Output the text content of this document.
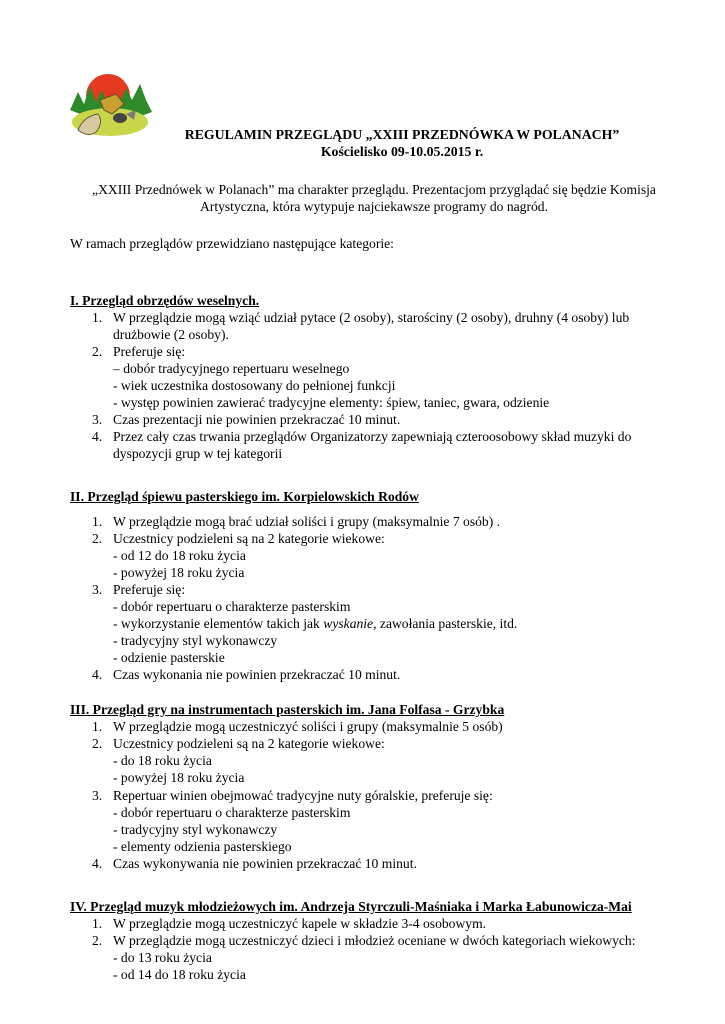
REGULAMIN PRZEGLĄDU „XXIII PRZEDNÓWKA W POLANACH”
Kościelisko 09-10.05.2015 r.
„XXIII Przednówek w Polanach” ma charakter przeglądu. Prezentacjom przyglądać się będzie Komisja Artystyczna, która wytypuje najciekawsze programy do nagród.
W ramach przeglądów przewidziano następujące kategorie:
I. Przegląd obrzędów weselnych.
1. W przeglądzie mogą wziąć udział pytace (2 osoby), starościny (2 osoby), druhny (4 osoby) lub
drużbowie (2 osoby).
2. Preferuje się:
– dobór tradycyjnego repertuaru weselnego
- wiek uczestnika dostosowany do pełnionej funkcji
- występ powinien zawierać tradycyjne elementy: śpiew, taniec, gwara, odzienie
3. Czas prezentacji nie powinien przekraczać 10 minut.
4. Przez cały czas trwania przeglądów Organizatorzy zapewniają czteroosobowy skład muzyki do
dyspozycji grup w tej kategorii
II. Przegląd śpiewu pasterskiego im. Korpielowskich Rodów
1. W przeglądzie mogą brać udział soliści i grupy (maksymalnie 7 osób) .
2. Uczestnicy podzieleni są na 2 kategorie wiekowe:
- od 12 do 18 roku życia
- powyżej 18 roku życia
3. Preferuje się:
- dobór repertuaru o charakterze pasterskim
- wykorzystanie elementów takich jak wyskanie, zawołania pasterskie, itd.
- tradycyjny styl wykonawczy
- odzienie pasterskie
4. Czas wykonania nie powinien przekraczać 10 minut.
III. Przegląd gry na instrumentach pasterskich im. Jana Folfasa - Grzybka
1. W przeglądzie mogą uczestniczyć soliści i grupy (maksymalnie 5 osób)
2. Uczestnicy podzieleni są na 2 kategorie wiekowe:
- do 18 roku życia
- powyżej 18 roku życia
3. Repertuar winien obejmować tradycyjne nuty góralskie, preferuje się:
- dobór repertuaru o charakterze pasterskim
- tradycyjny styl wykonawczy
- elementy odzienia pasterskiego
4. Czas wykonywania nie powinien przekraczać 10 minut.
IV. Przegląd muzyk młodzieżowych im. Andrzeja Styrczuli-Maśniaka i Marka Łabunowicza-Mai
1. W przeglądzie mogą uczestniczyć kapele w składzie 3-4 osobowym.
2. W przeglądzie mogą uczestniczyć dzieci i młodzież oceniane w dwóch kategoriach wiekowych:
- do 13 roku życia
- od 14 do 18 roku życia
